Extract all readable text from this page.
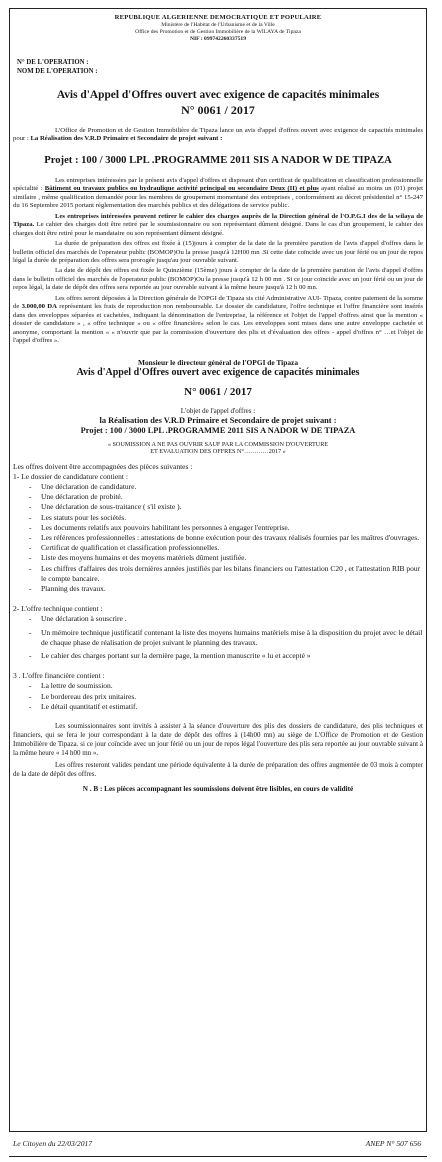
REPUBLIQUE ALGERIENNE DEMOCRATIQUE ET POPULAIRE
Ministère de l'Habitat de l'Urbanisme et de la Ville
Office des Promotion et de Gestion Immobilière de la WILAYA de Tipaza
NIF : 099742260337519
N° DE L'OPERATION :
NOM DE L'OPERATION :
Avis d'Appel d'Offres ouvert avec exigence de capacités minimales
N° 0061 / 2017

L'Office de Promotion et de Gestion Immobilière de Tipaza lance un avis d'appel d'offres ouvert avec exigence de capacités minimales pour : La Réalisation des V.R.D Primaire et Secondaire de projet suivant :

Projet : 100 / 3000 LPL .PROGRAMME 2011 SIS A NADOR W DE TIPAZA

Les entreprises intéressées par le présent avis d'appel d'offres et disposant d'un certificat de qualification et classification professionnelle spécialité : Bâtiment ou travaux publics ou hydraulique activité principal ou secondaire Deux (II) et plus ayant réalisé au moins un (01) projet similaire , même qualification demandée pour les membres de groupement momentané des entreprises , conformément au décret présidentiel n° 15-247 du 16 Septembre 2015 portant réglementation des marchés publics et des délégations de service public.

Les entreprises intéressées peuvent retirer le cahier des charges auprès de la Direction général de l'O.P.G.I des de la wilaya de Tipaza. Le cahier des charges doit être retiré par le soumissionnaire ou son représentant dûment désigné. Dans le cas d'un groupement, le cahier des charges doit être retiré pour le mandataire ou son représentant dûment désigné.

La durée de préparation des offres est fixée à (15)jours à compter de la date de la première parution de l'avis d'appel d'offres dans le bulletin officiel des marchés de l'operateur public (BOMOP)Ou la presse jusqu'à 12H00 mn .Si cette date coïncide avec un jour férié ou un jour de repos légal la durée de préparation des offres sera prorogée jusqu'au jour ouvrable suivant.

La date de dépôt des offres est fixée le Quinzième (15ème) jours à compter de la date de la première parution de l'avis d'appel d'offres dans le bulletin officiel des marchés de l'operateur public (BOMOP)Ou la presse jusqu'à 12 h 00 mn . Si ce jour coïncide avec un jour férié ou un jour de repos légal, la date de dépôt des offres sera reportée au jour ouvrable suivant à la même heure jusqu'à 12 h 00 mn.

Les offres seront déposées à la Direction générale de l'OPGI de Tipaza sis cité Administrative AUI- Tipaza, contre paiement de la somme de 3.000,00 DA représentant les frais de reproduction non remboursable. Le dossier de candidature, l'offre technique et l'offre financière sont insérés dans des enveloppes séparées et cachetées, indiquant la dénomination de l'entreprise, la référence et l'objet de l'appel d'offres ainsi que la mention « dossier de candidature » , « offre technique » ou « offre financière» selon le cas. Les enveloppes sont mises dans une autre enveloppe cachetée et anonyme, comportant la mention « « n'ouvrir que par la commission d'ouverture des plis et d'évaluation des offres - appel d'offres n° …et l'objet de l'appel d'offres ».

Monsieur le directeur général de l'OPGI de Tipaza
Avis d'Appel d'Offres ouvert avec exigence de capacités minimales
N° 0061 / 2017
L'objet de l'appel d'offres :
la Réalisation des V.R.D Primaire et Secondaire de projet suivant :
Projet : 100 / 3000 LPL .PROGRAMME 2011 SIS A NADOR W DE TIPAZA
« SOUMISSION A NE PAS OUVRIR SAUF PAR LA COMMISSION D'OUVERTURE
ET EVALUATION DES OFFRES N°…………2017 »
Les offres doivent être accompagnées des pièces suivantes :
1- Le dossier de candidature contient :
- Une déclaration de candidature.
- Une déclaration de probité.
- Une déclaration de sous-traitance ( s'il existe ).
- Les statuts pour les sociétés.
- Les documents relatifs aux pouvoirs habilitant les personnes à engager l'entreprise.
- Les références professionnelles : attestations de bonne exécution pour des travaux réalisés fournies par les maîtres d'ouvrages.
- Certificat de qualification et classification professionnelles.
- Liste des moyens humains et des moyens matériels dûment justifiée.
- Les chiffres d'affaires des trois dernières années justifiés par les bilans financiers ou l'attestation C20 , et l'attestation RIB pour le compte bancaire.
- Planning des travaux.
2- L'offre technique contient :
- Une déclaration à souscrire .
- Un mémoire technique justificatif contenant la liste des moyens humains matériels mise à la disposition du projet avec le détail de chaque phase de réalisation de projet suivant le planning des travaux.
- Le cahier des charges portant sur la dernière page, la mention manuscrite « lu et accepté »
3 . L'offre financière contient :
- La lettre de soumission.
- Le bordereau des prix unitaires.
- Le détail quantitatif et estimatif.

Les soumissionnaires sont invités à assister à la séance d'ouverture des plis des dossiers de candidature, des plis techniques et financiers, qui se fera le jour correspondant à la date de dépôt des offres à (14h00 mn) au siège de L'Office de Promotion et de Gestion Immobilière de Tipaza. si ce jour coïncide avec un jour férié ou un jour de repos légal l'ouverture des plis sera reportée au jour ouvrable suivant à la même heure « 14 h00 mn ».

Les offres resteront valides pendant une période équivalente à la durée de préparation des offres augmentée de 03 mois à compter de la date de dépôt des offres.

N . B : Les pièces accompagnant les soumissions doivent être lisibles, en cours de validité
Le Citoyen du 22/03/2017	ANEP N° 507 656
